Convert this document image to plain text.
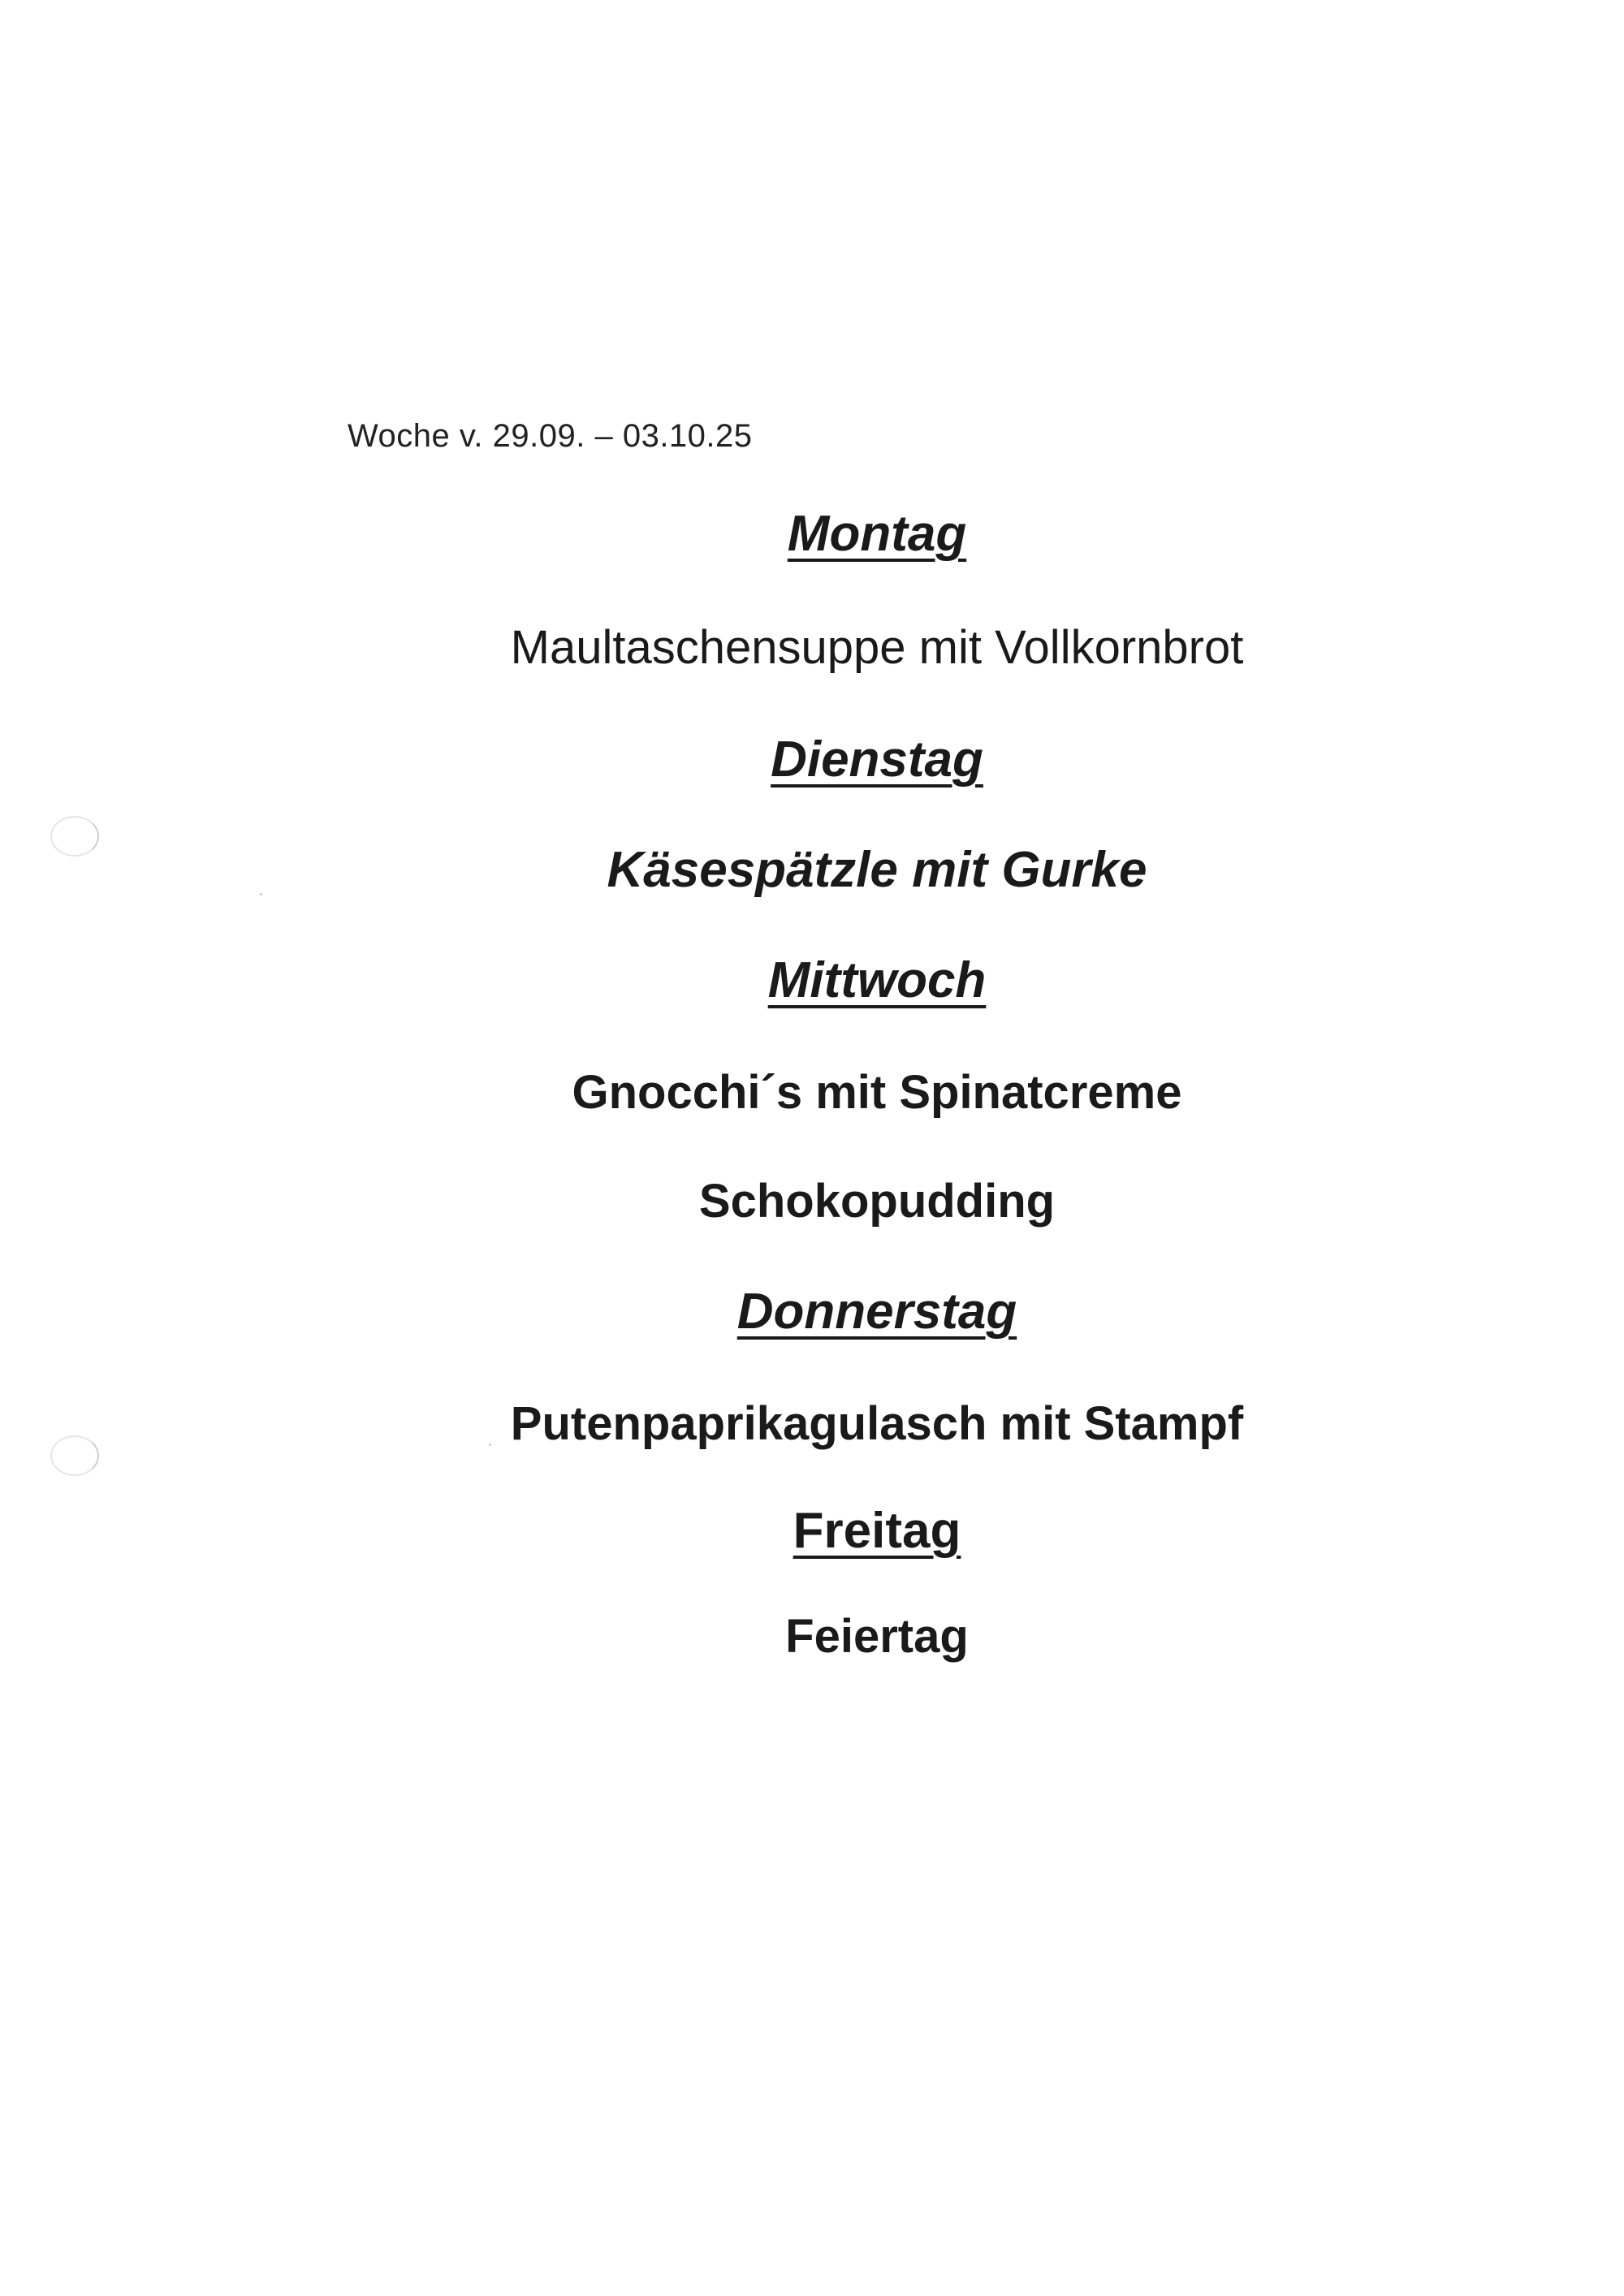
Woche v. 29.09. – 03.10.25
Montag
Maultaschensuppe mit Vollkornbrot
Dienstag
Käsespätzle mit Gurke
Mittwoch
Gnocchi´s mit Spinatcreme
Schokopudding
Donnerstag
Putenpaprikagulasch mit Stampf
Freitag
Feiertag
